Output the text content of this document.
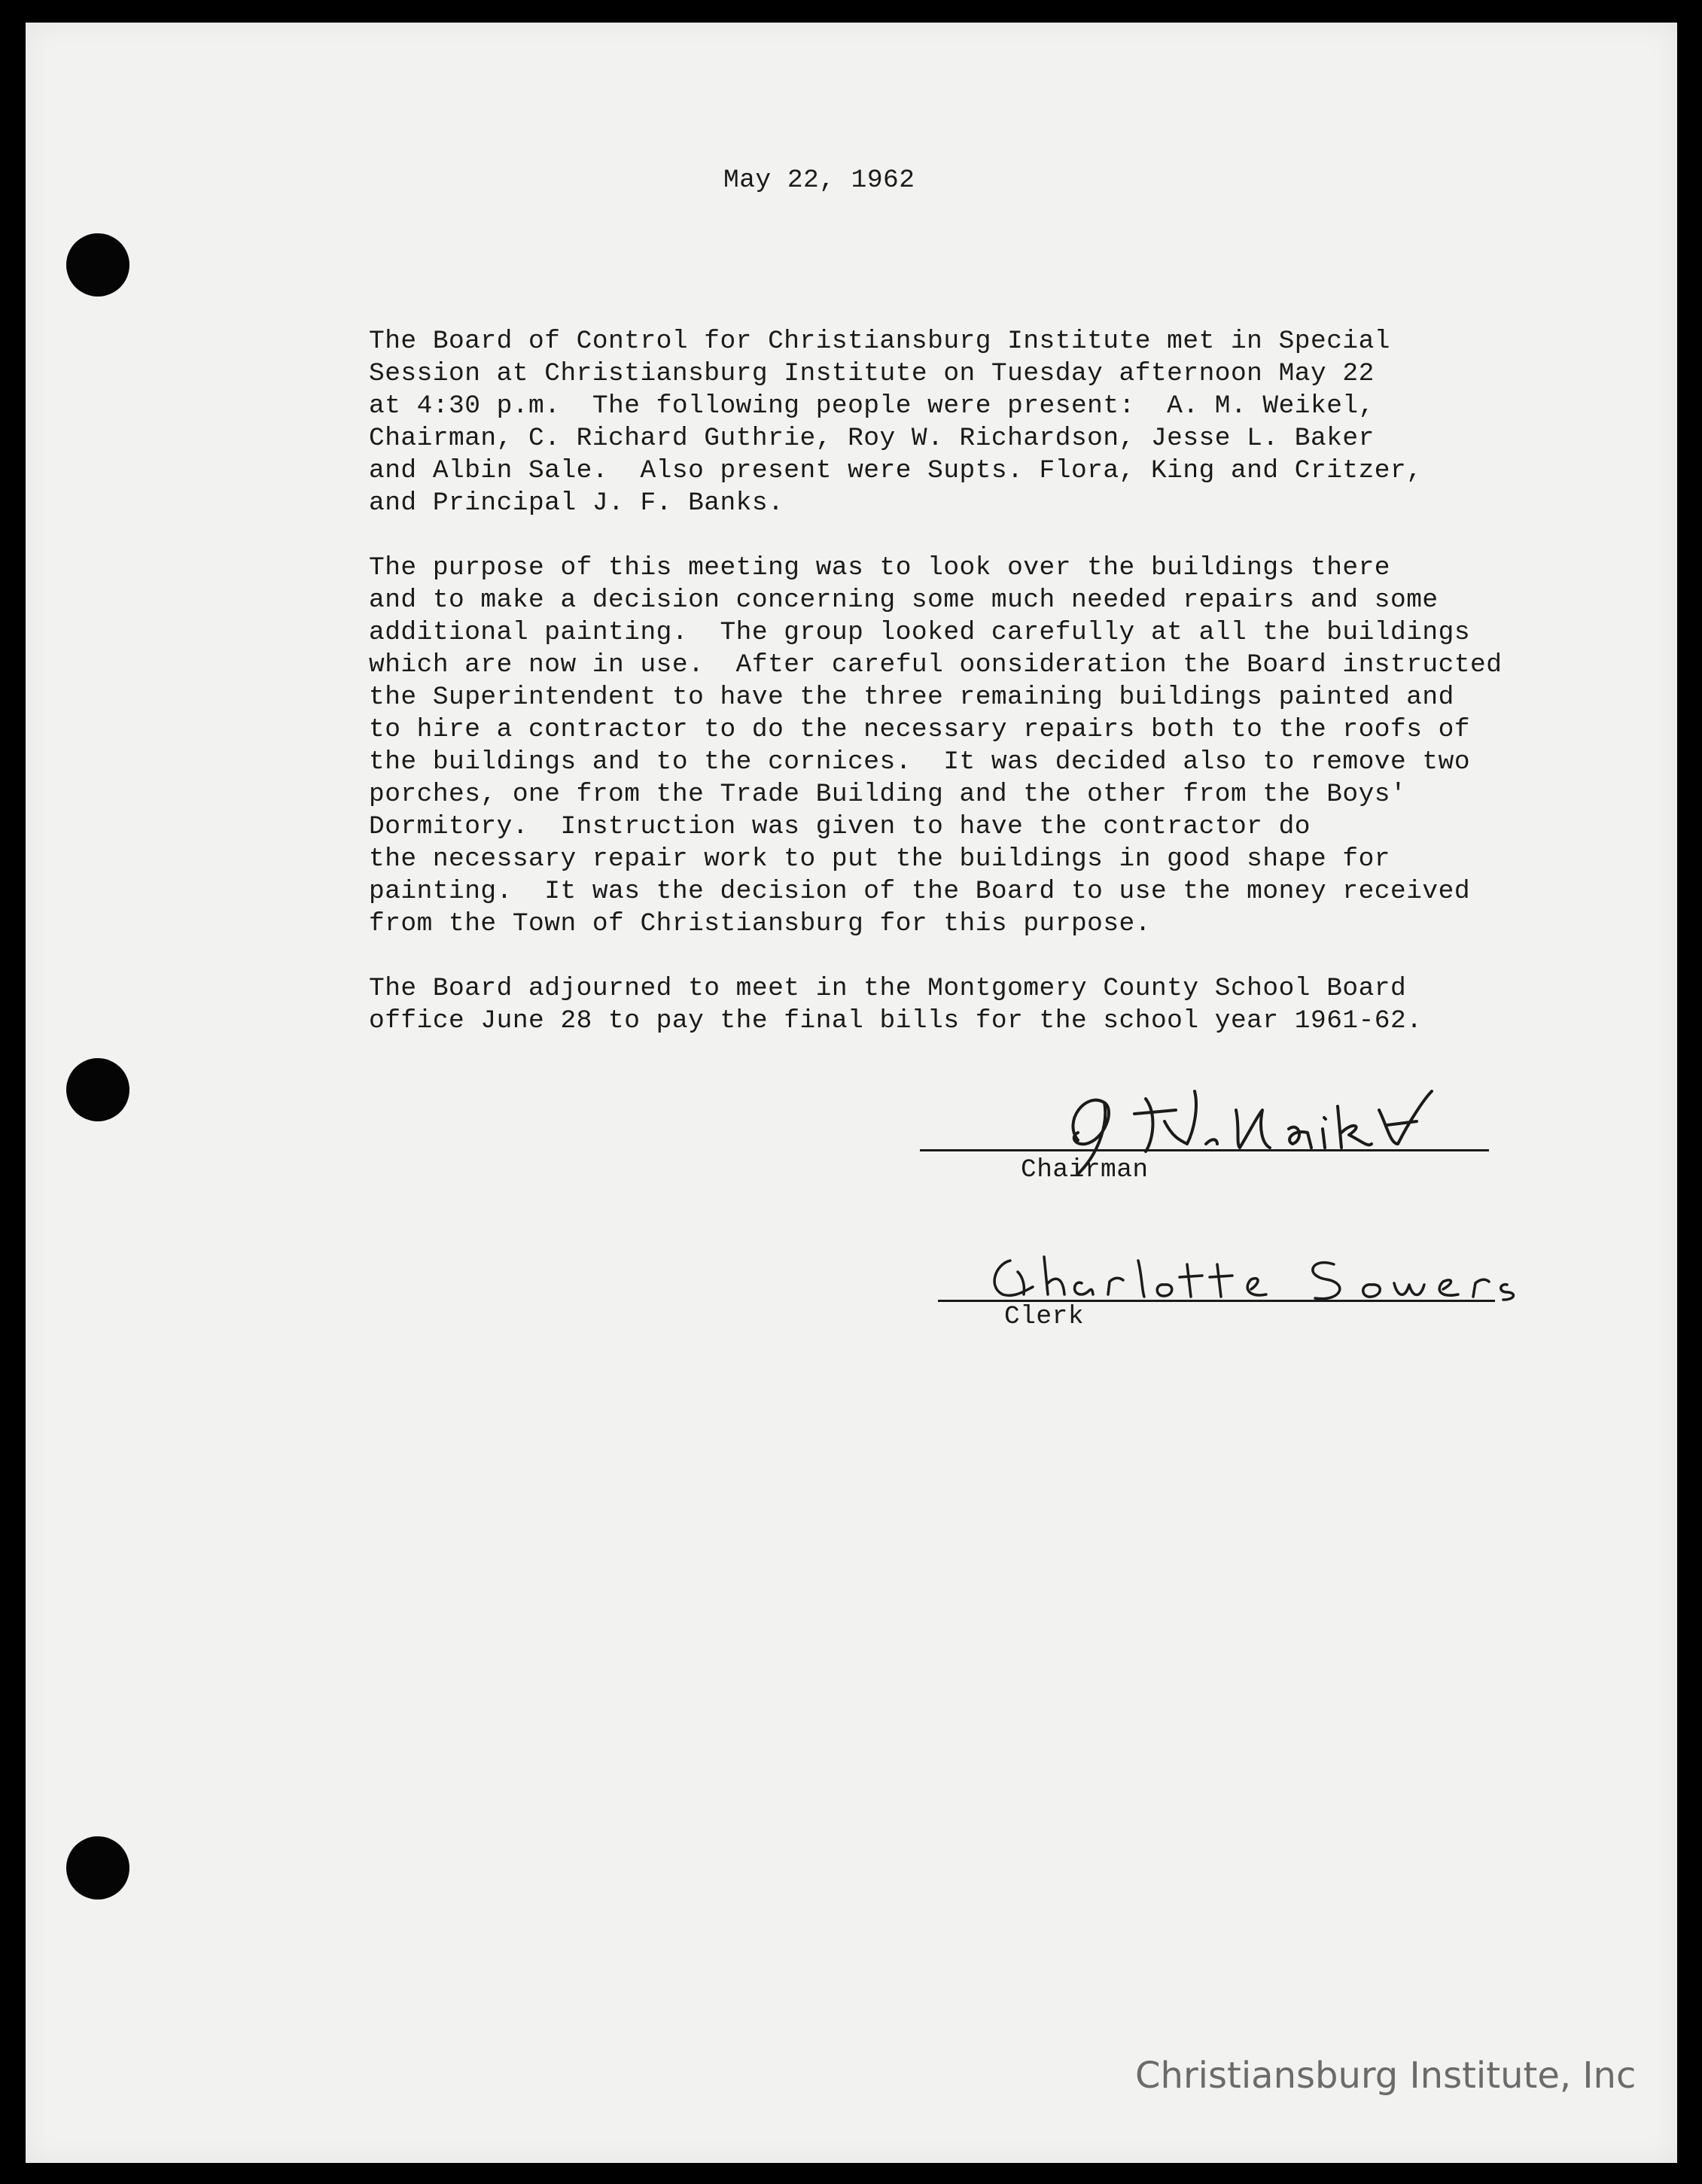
May 22, 1962
The Board of Control for Christiansburg Institute met in Special
Session at Christiansburg Institute on Tuesday afternoon May 22
at 4:30 p.m.  The following people were present:  A. M. Weikel,
Chairman, C. Richard Guthrie, Roy W. Richardson, Jesse L. Baker
and Albin Sale.  Also present were Supts. Flora, King and Critzer,
and Principal J. F. Banks.
The purpose of this meeting was to look over the buildings there
and to make a decision concerning some much needed repairs and some
additional painting.  The group looked carefully at all the buildings
which are now in use.  After careful oonsideration the Board instructed
the Superintendent to have the three remaining buildings painted and
to hire a contractor to do the necessary repairs both to the roofs of
the buildings and to the cornices.  It was decided also to remove two
porches, one from the Trade Building and the other from the Boys'
Dormitory.  Instruction was given to have the contractor do
the necessary repair work to put the buildings in good shape for
painting.  It was the decision of the Board to use the money received
from the Town of Christiansburg for this purpose.
The Board adjourned to meet in the Montgomery County School Board
office June 28 to pay the final bills for the school year 1961-62.
Chairman
Clerk
Christiansburg Institute, Inc
